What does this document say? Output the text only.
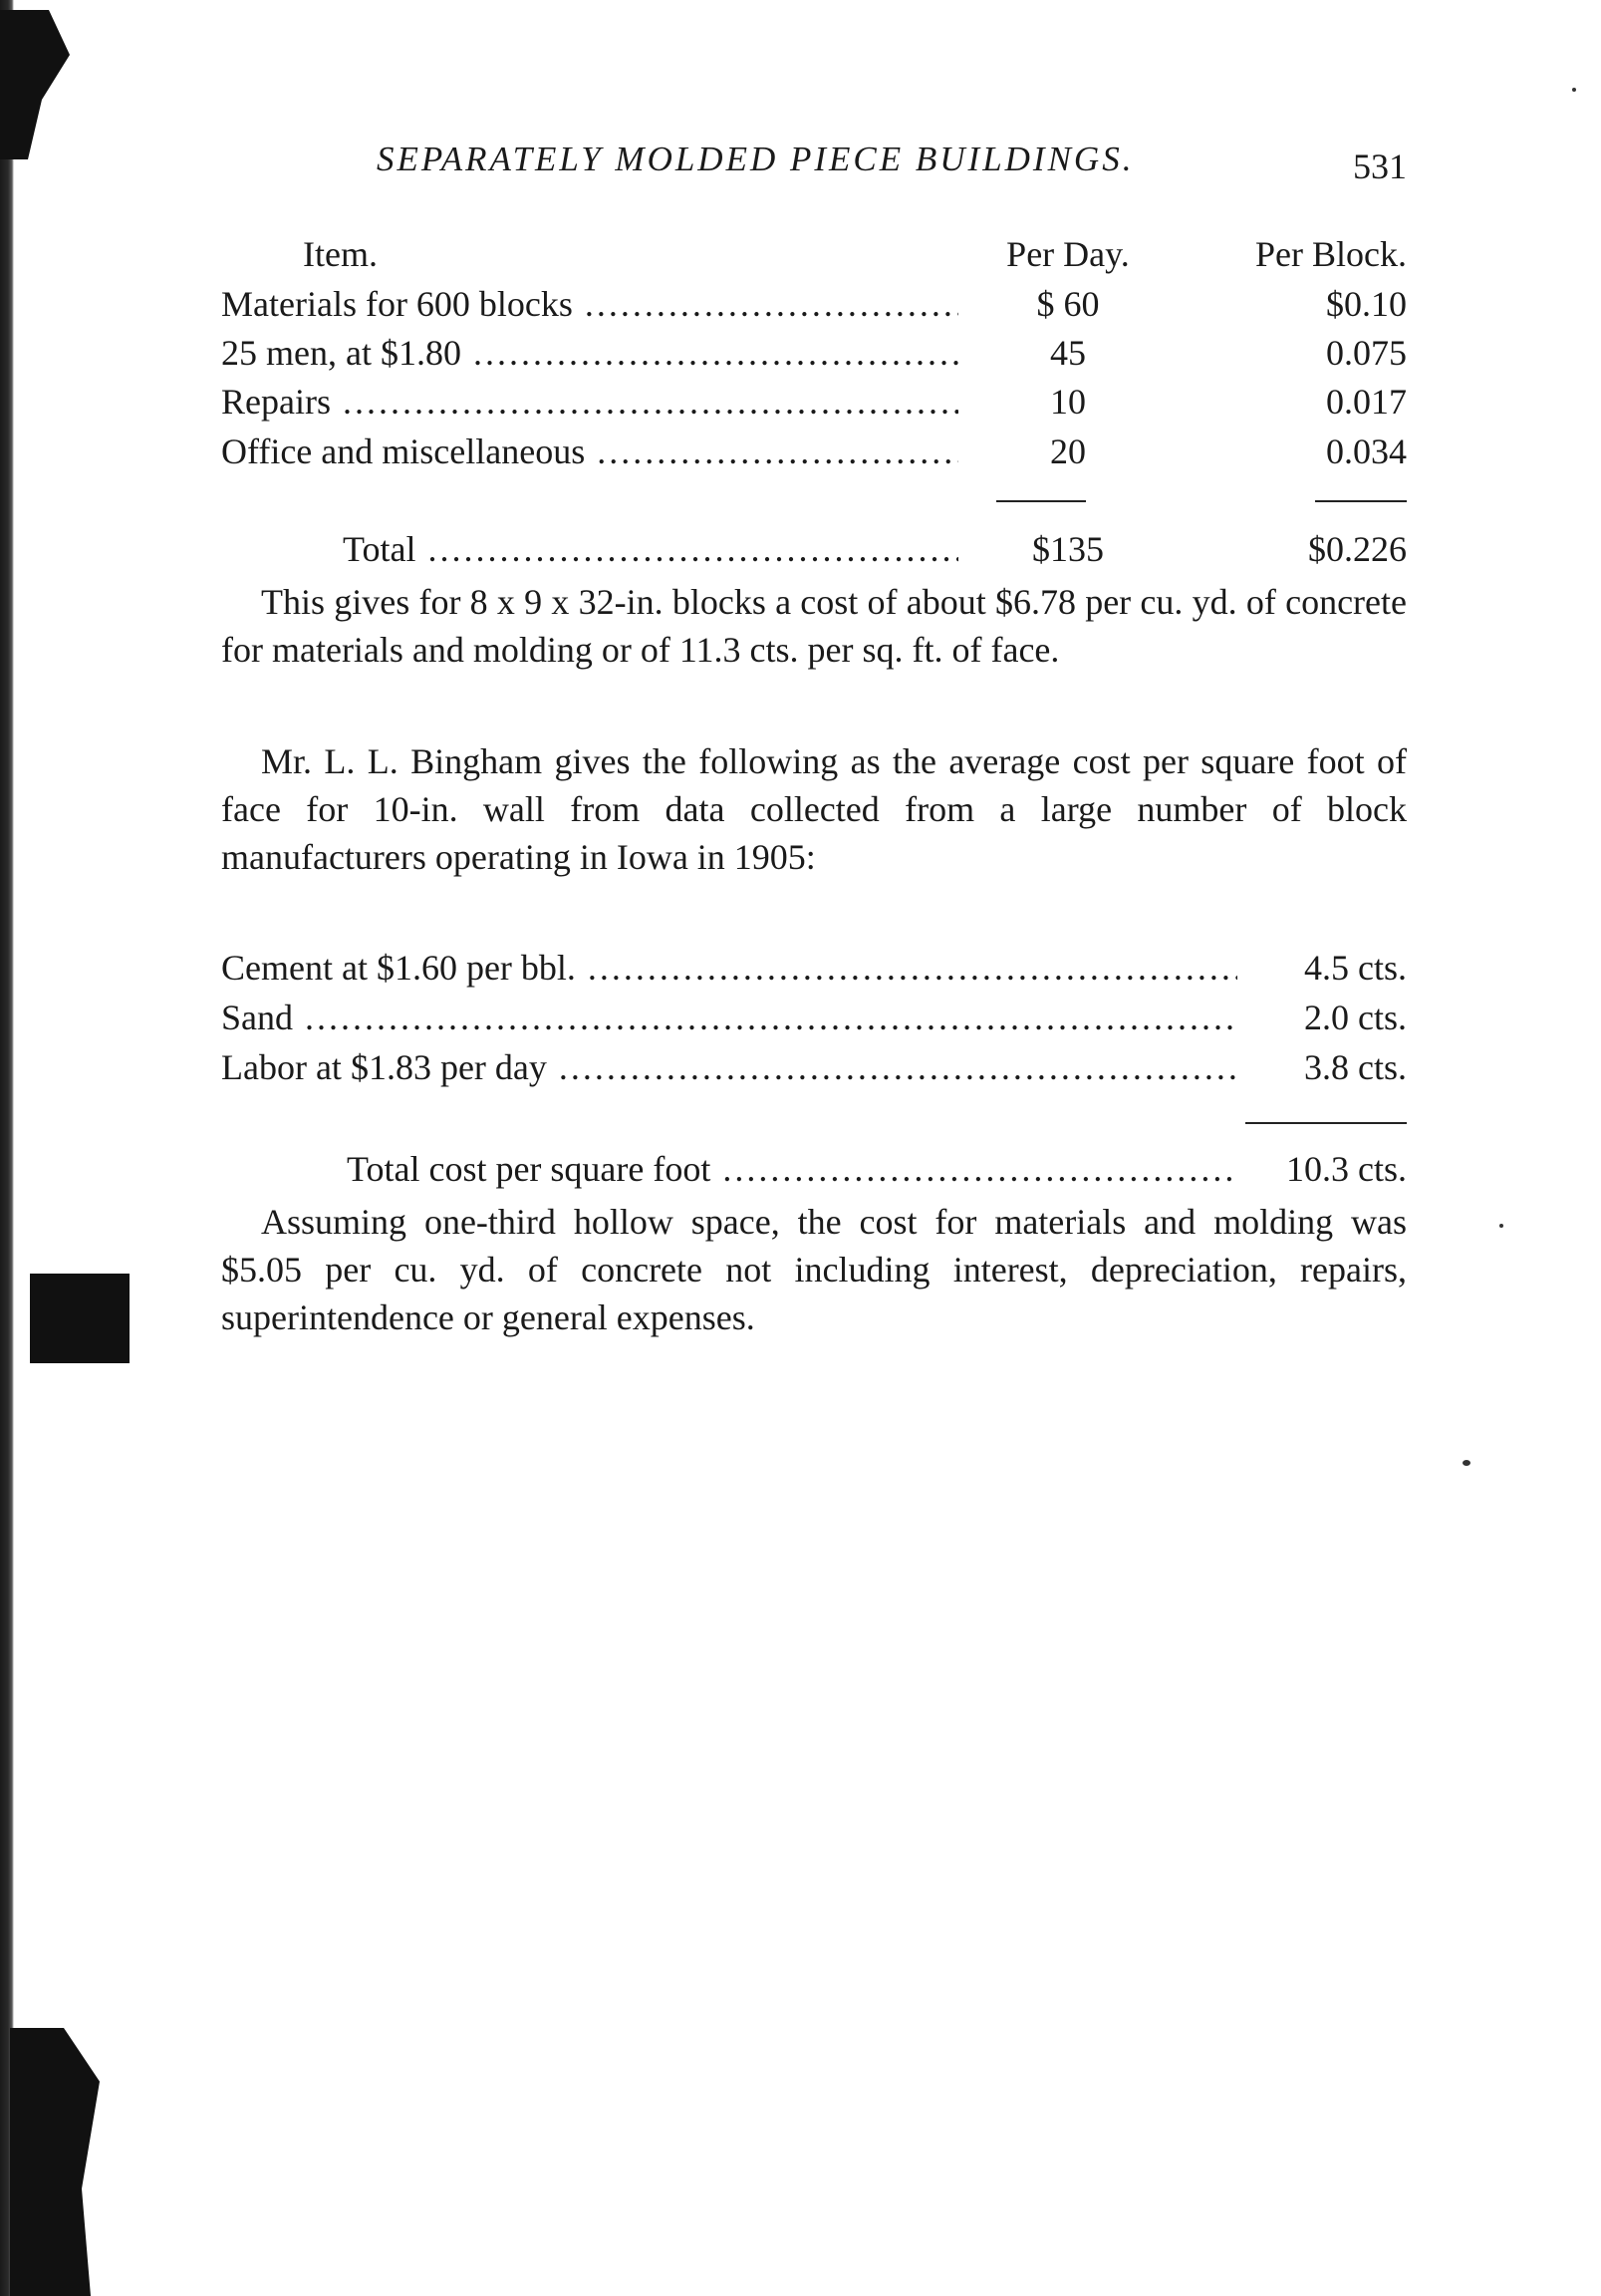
SEPARATELY MOLDED PIECE BUILDINGS.	531
Item.	Per Day.	Per Block.
Materials for 600 blocks .....	$ 60	$0.10
25 men, at $1.80 .....	45	0.075
Repairs .....	10	0.017
Office and miscellaneous .....	20	0.034
Total .....	$135	$0.226
This gives for 8 x 9 x 32-in. blocks a cost of about $6.78 per cu. yd. of concrete for materials and molding or of 11.3 cts. per sq. ft. of face.
Mr. L. L. Bingham gives the following as the average cost per square foot of face for 10-in. wall from data collected from a large number of block manufacturers operating in Iowa in 1905:
Cement at $1.60 per bbl. .....	4.5 cts.
Sand .....	2.0 cts.
Labor at $1.83 per day .....	3.8 cts.
Total cost per square foot .....	10.3 cts.
Assuming one-third hollow space, the cost for materials and molding was $5.05 per cu. yd. of concrete not including interest, depreciation, repairs, superintendence or general expenses.
